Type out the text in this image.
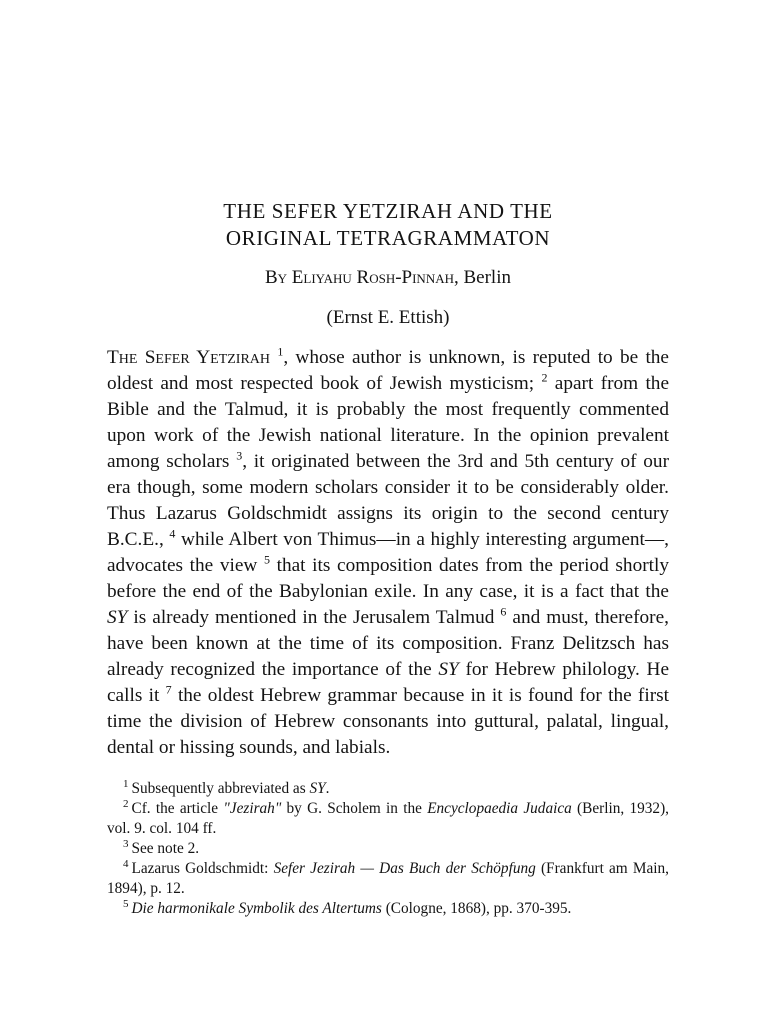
THE SEFER YETZIRAH AND THE
ORIGINAL TETRAGRAMMATON
By Eliyahu Rosh-Pinnah, Berlin
(Ernst E. Ettish)

The Sefer Yetzirah $^1$, whose author is unknown, is reputed to be the oldest and most respected book of Jewish mysticism; $^2$ apart from the Bible and the Talmud, it is probably the most frequently commented upon work of the Jewish national literature. In the opinion prevalent among scholars $^3$, it originated between the 3rd and 5th century of our era though, some modern scholars consider it to be considerably older. Thus Lazarus Goldschmidt assigns its origin to the second century B.C.E., $^4$ while Albert von Thimus—in a highly interesting argument—, advocates the view $^5$ that its composition dates from the period shortly before the end of the Babylonian exile. In any case, it is a fact that the SY is already mentioned in the Jerusalem Talmud $^6$ and must, therefore, have been known at the time of its composition. Franz Delitzsch has already recognized the importance of the SY for Hebrew philology. He calls it $^7$ the oldest Hebrew grammar because in it is found for the first time the division of Hebrew consonants into guttural, palatal, lingual, dental or hissing sounds, and labials.

$^1$ Subsequently abbreviated as SY.

$^2$ Cf. the article "Jezirah" by G. Scholem in the Encyclopaedia Judaica (Berlin, 1932), vol. 9. col. 104 ff.

$^3$ See note 2.

$^4$ Lazarus Goldschmidt: Sefer Jezirah — Das Buch der Schöpfung (Frankfurt am Main, 1894), p. 12.

$^5$ Die harmonikale Symbolik des Altertums (Cologne, 1868), pp. 370-395.
